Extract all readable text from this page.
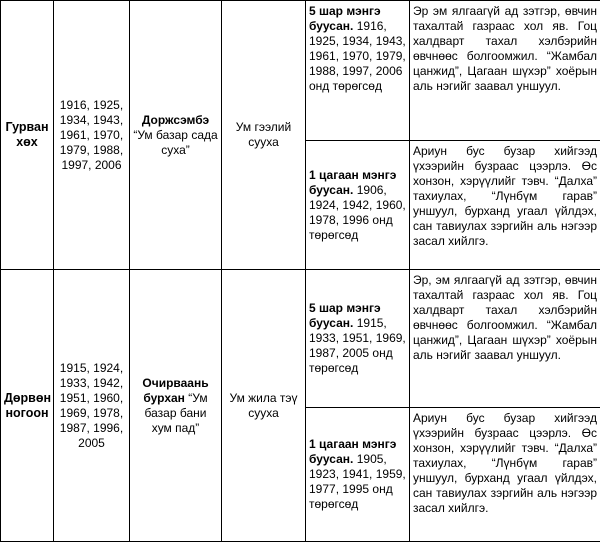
Гурван хөх	1916, 1925, 1934, 1943, 1961, 1970, 1979, 1988, 1997, 2006	Доржсэмбэ “Ум базар сада суха”	Ум гээлий сууха	5 шар мэнгэ буусан. 1916, 1925, 1934, 1943, 1961, 1970, 1979, 1988, 1997, 2006 онд төрөгсөд	Эр эм ялгаагүй ад зэтгэр, өвчин тахалтай газраас хол яв. Гоц халдварт тахал хэлбэрийн өвчнөөс болгоомжил. “Жамбал цанжид”, Цагаан шүхэр” хоёрын аль нэгийг заавал уншуул.
				1 цагаан мэнгэ буусан. 1906, 1924, 1942, 1960, 1978, 1996 онд төрөгсөд	Ариун бус бузар хийгээд үхээрийн бузраас цээрлэ. Өс хонзон, хэрүүлийг тэвч. “Далха” тахиулах, “Лүнбүм гарав” уншуул, бурханд угаал үйлдэх, сан тавиулах зэргийн аль нэгээр засал хийлгэ.
Дөрвөн ногоон	1915, 1924, 1933, 1942, 1951, 1960, 1969, 1978, 1987, 1996, 2005	Очирваань бурхан “Ум базар бани хум пад”	Ум жила тэү сууха	5 шар мэнгэ буусан. 1915, 1933, 1951, 1969, 1987, 2005 онд төрөгсөд	Эр, эм ялгаагүй ад зэтгэр, өвчин тахалтай газраас хол яв. Гоц халдварт тахал хэлбэрийн өвчнөөс болгоомжил. “Жамбал цанжид”, Цагаан шүхэр” хоёрын аль нэгийг заавал уншуул.
				1 цагаан мэнгэ буусан. 1905, 1923, 1941, 1959, 1977, 1995 онд төрөгсөд	Ариун бус бузар хийгээд үхээрийн бузраас цээрлэ. Өс хонзон, хэрүүлийг тэвч. “Далха” тахиулах, “Лүнбүм гарав” уншуул, бурханд угаал үйлдэх, сан тавиулах зэргийн аль нэгээр засал хийлгэ.
